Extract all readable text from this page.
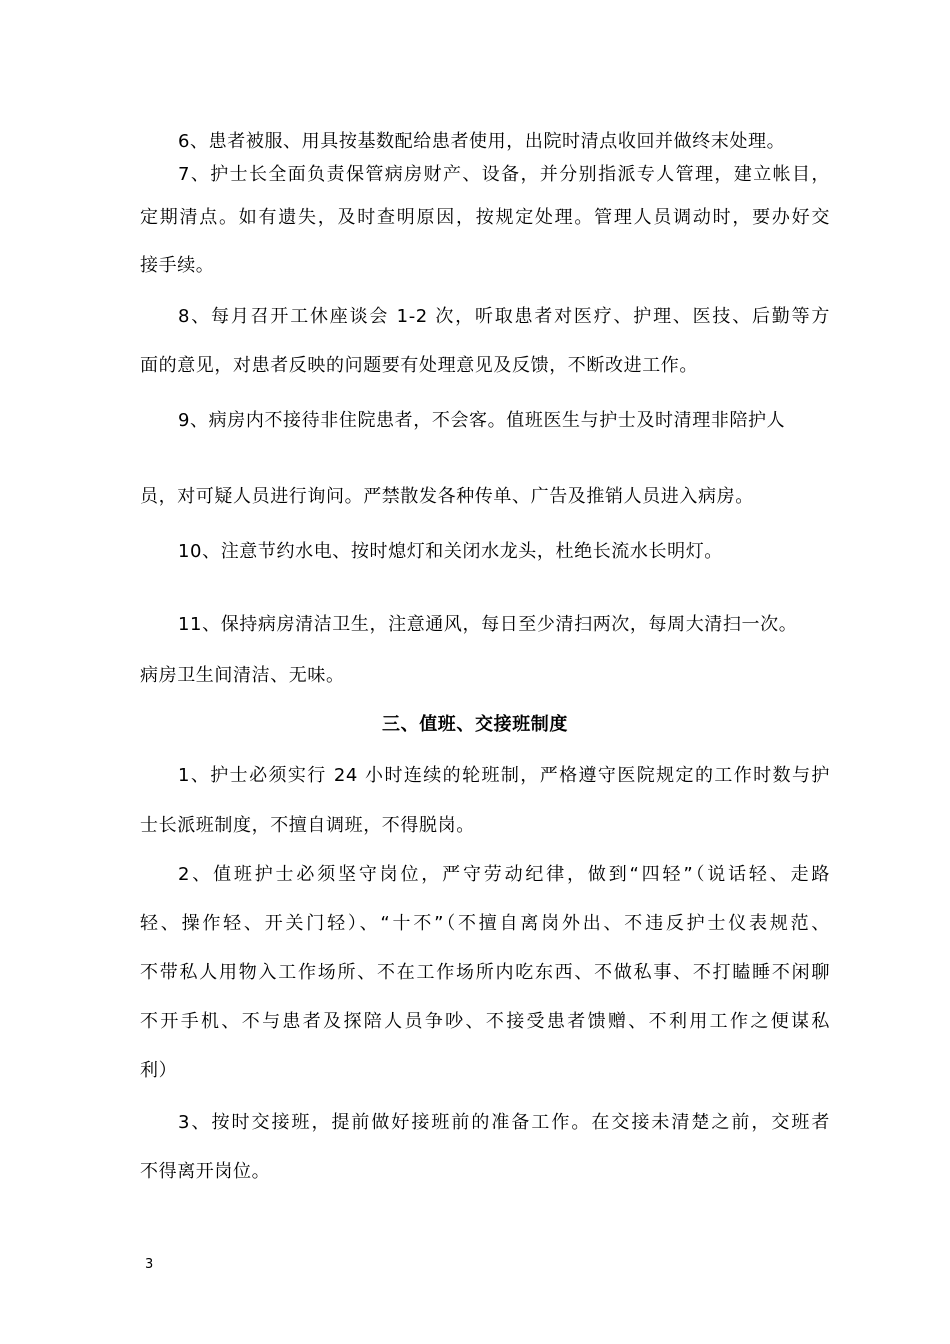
6、患者被服、用具按基数配给患者使用，出院时清点收回并做终末处理。
7、护士长全面负责保管病房财产、设备，并分别指派专人管理，建立帐目，
定期清点。如有遗失，及时查明原因，按规定处理。管理人员调动时，要办好交
接手续。
8、每月召开工休座谈会 1-2 次，听取患者对医疗、护理、医技、后勤等方
面的意见，对患者反映的问题要有处理意见及反馈，不断改进工作。
9、病房内不接待非住院患者，不会客。值班医生与护士及时清理非陪护人
员，对可疑人员进行询问。严禁散发各种传单、广告及推销人员进入病房。
10、注意节约水电、按时熄灯和关闭水龙头，杜绝长流水长明灯。
11、保持病房清洁卫生，注意通风，每日至少清扫两次，每周大清扫一次。
病房卫生间清洁、无味。
三、值班、交接班制度
1、护士必须实行 24 小时连续的轮班制，严格遵守医院规定的工作时数与护
士长派班制度，不擅自调班，不得脱岗。
2、值班护士必须坚守岗位，严守劳动纪律，做到“四轻”（说话轻、走路
轻、操作轻、开关门轻）、“十不”（不擅自离岗外出、不违反护士仪表规范、
不带私人用物入工作场所、不在工作场所内吃东西、不做私事、不打瞌睡不闲聊
不开手机、不与患者及探陪人员争吵、不接受患者馈赠、不利用工作之便谋私
利）
3、按时交接班，提前做好接班前的准备工作。在交接未清楚之前，交班者
不得离开岗位。
3
